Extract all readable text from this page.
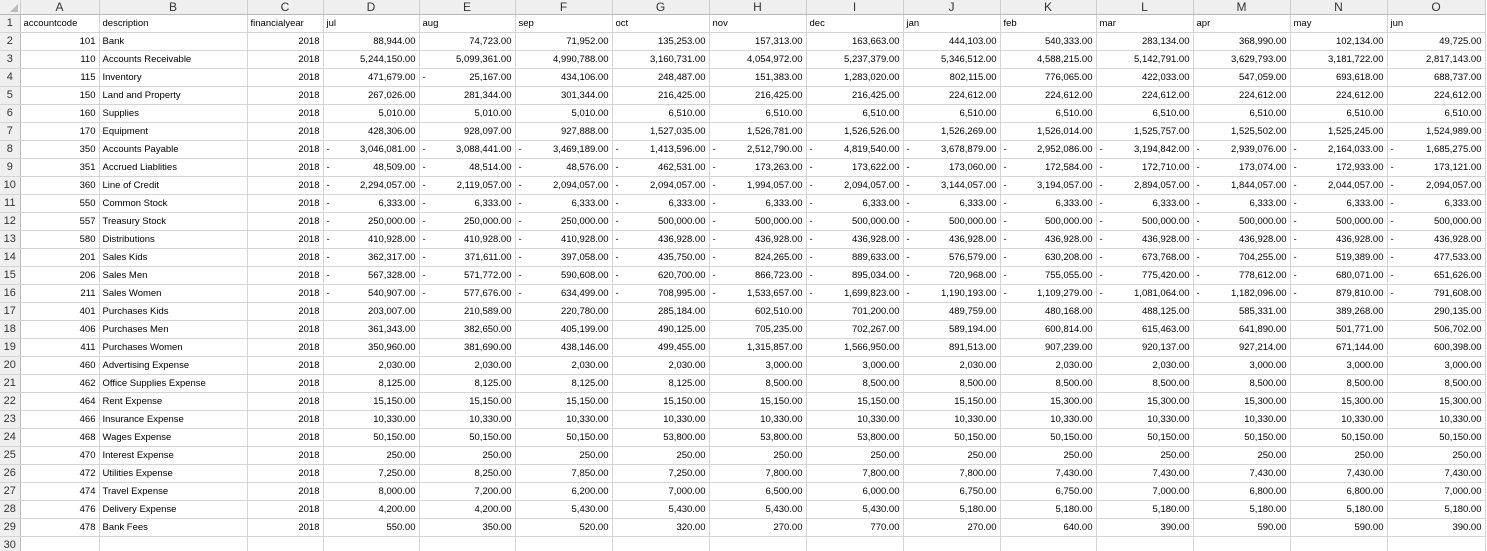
	A	B	C	D	E	F	G	H	I	J	K	L	M	N	O
1	accountcode	description	financialyear	jul	aug	sep	oct	nov	dec	jan	feb	mar	apr	may	jun
2	101	Bank	2018	88,944.00	74,723.00	71,952.00	135,253.00	157,313.00	163,663.00	444,103.00	540,333.00	283,134.00	368,990.00	102,134.00	49,725.00
3	110	Accounts Receivable	2018	5,244,150.00	5,099,361.00	4,990,788.00	3,160,731.00	4,054,972.00	5,237,379.00	5,346,512.00	4,588,215.00	5,142,791.00	3,629,793.00	3,181,722.00	2,817,143.00
4	115	Inventory	2018	471,679.00	- 25,167.00	434,106.00	248,487.00	151,383.00	1,283,020.00	802,115.00	776,065.00	422,033.00	547,059.00	693,618.00	688,737.00
5	150	Land and Property	2018	267,026.00	281,344.00	301,344.00	216,425.00	216,425.00	216,425.00	224,612.00	224,612.00	224,612.00	224,612.00	224,612.00	224,612.00
6	160	Supplies	2018	5,010.00	5,010.00	5,010.00	6,510.00	6,510.00	6,510.00	6,510.00	6,510.00	6,510.00	6,510.00	6,510.00	6,510.00
7	170	Equipment	2018	428,306.00	928,097.00	927,888.00	1,527,035.00	1,526,781.00	1,526,526.00	1,526,269.00	1,526,014.00	1,525,757.00	1,525,502.00	1,525,245.00	1,524,989.00
8	350	Accounts Payable	2018	- 3,046,081.00	- 3,088,441.00	- 3,469,189.00	- 1,413,596.00	- 2,512,790.00	- 4,819,540.00	- 3,678,879.00	- 2,952,086.00	- 3,194,842.00	- 2,939,076.00	- 2,164,033.00	- 1,685,275.00
9	351	Accrued Liablities	2018	- 48,509.00	- 48,514.00	- 48,576.00	- 462,531.00	- 173,263.00	- 173,622.00	- 173,060.00	- 172,584.00	- 172,710.00	- 173,074.00	- 172,933.00	- 173,121.00
10	360	Line of Credit	2018	- 2,294,057.00	- 2,119,057.00	- 2,094,057.00	- 2,094,057.00	- 1,994,057.00	- 2,094,057.00	- 3,144,057.00	- 3,194,057.00	- 2,894,057.00	- 1,844,057.00	- 2,044,057.00	- 2,094,057.00
11	550	Common Stock	2018	- 6,333.00	- 6,333.00	- 6,333.00	- 6,333.00	- 6,333.00	- 6,333.00	- 6,333.00	- 6,333.00	- 6,333.00	- 6,333.00	- 6,333.00	- 6,333.00
12	557	Treasury Stock	2018	- 250,000.00	- 250,000.00	- 250,000.00	- 500,000.00	- 500,000.00	- 500,000.00	- 500,000.00	- 500,000.00	- 500,000.00	- 500,000.00	- 500,000.00	- 500,000.00
13	580	Distributions	2018	- 410,928.00	- 410,928.00	- 410,928.00	- 436,928.00	- 436,928.00	- 436,928.00	- 436,928.00	- 436,928.00	- 436,928.00	- 436,928.00	- 436,928.00	- 436,928.00
14	201	Sales Kids	2018	- 362,317.00	- 371,611.00	- 397,058.00	- 435,750.00	- 824,265.00	- 889,633.00	- 576,579.00	- 630,208.00	- 673,768.00	- 704,255.00	- 519,389.00	- 477,533.00
15	206	Sales Men	2018	- 567,328.00	- 571,772.00	- 590,608.00	- 620,700.00	- 866,723.00	- 895,034.00	- 720,968.00	- 755,055.00	- 775,420.00	- 778,612.00	- 680,071.00	- 651,626.00
16	211	Sales Women	2018	- 540,907.00	- 577,676.00	- 634,499.00	- 708,995.00	- 1,533,657.00	- 1,699,823.00	- 1,190,193.00	- 1,109,279.00	- 1,081,064.00	- 1,182,096.00	- 879,810.00	- 791,608.00
17	401	Purchases Kids	2018	203,007.00	210,589.00	220,780.00	285,184.00	602,510.00	701,200.00	489,759.00	480,168.00	488,125.00	585,331.00	389,268.00	290,135.00
18	406	Purchases Men	2018	361,343.00	382,650.00	405,199.00	490,125.00	705,235.00	702,267.00	589,194.00	600,814.00	615,463.00	641,890.00	501,771.00	506,702.00
19	411	Purchases Women	2018	350,960.00	381,690.00	438,146.00	499,455.00	1,315,857.00	1,566,950.00	891,513.00	907,239.00	920,137.00	927,214.00	671,144.00	600,398.00
20	460	Advertising Expense	2018	2,030.00	2,030.00	2,030.00	2,030.00	3,000.00	3,000.00	2,030.00	2,030.00	2,030.00	3,000.00	3,000.00	3,000.00
21	462	Office Supplies Expense	2018	8,125.00	8,125.00	8,125.00	8,125.00	8,500.00	8,500.00	8,500.00	8,500.00	8,500.00	8,500.00	8,500.00	8,500.00
22	464	Rent Expense	2018	15,150.00	15,150.00	15,150.00	15,150.00	15,150.00	15,150.00	15,150.00	15,300.00	15,300.00	15,300.00	15,300.00	15,300.00
23	466	Insurance Expense	2018	10,330.00	10,330.00	10,330.00	10,330.00	10,330.00	10,330.00	10,330.00	10,330.00	10,330.00	10,330.00	10,330.00	10,330.00
24	468	Wages Expense	2018	50,150.00	50,150.00	50,150.00	53,800.00	53,800.00	53,800.00	50,150.00	50,150.00	50,150.00	50,150.00	50,150.00	50,150.00
25	470	Interest Expense	2018	250.00	250.00	250.00	250.00	250.00	250.00	250.00	250.00	250.00	250.00	250.00	250.00
26	472	Utilities Expense	2018	7,250.00	8,250.00	7,850.00	7,250.00	7,800.00	7,800.00	7,800.00	7,430.00	7,430.00	7,430.00	7,430.00	7,430.00
27	474	Travel Expense	2018	8,000.00	7,200.00	6,200.00	7,000.00	6,500.00	6,000.00	6,750.00	6,750.00	7,000.00	6,800.00	6,800.00	7,000.00
28	476	Delivery Expense	2018	4,200.00	4,200.00	5,430.00	5,430.00	5,430.00	5,430.00	5,180.00	5,180.00	5,180.00	5,180.00	5,180.00	5,180.00
29	478	Bank Fees	2018	550.00	350.00	520.00	320.00	270.00	770.00	270.00	640.00	390.00	590.00	590.00	390.00
30															
